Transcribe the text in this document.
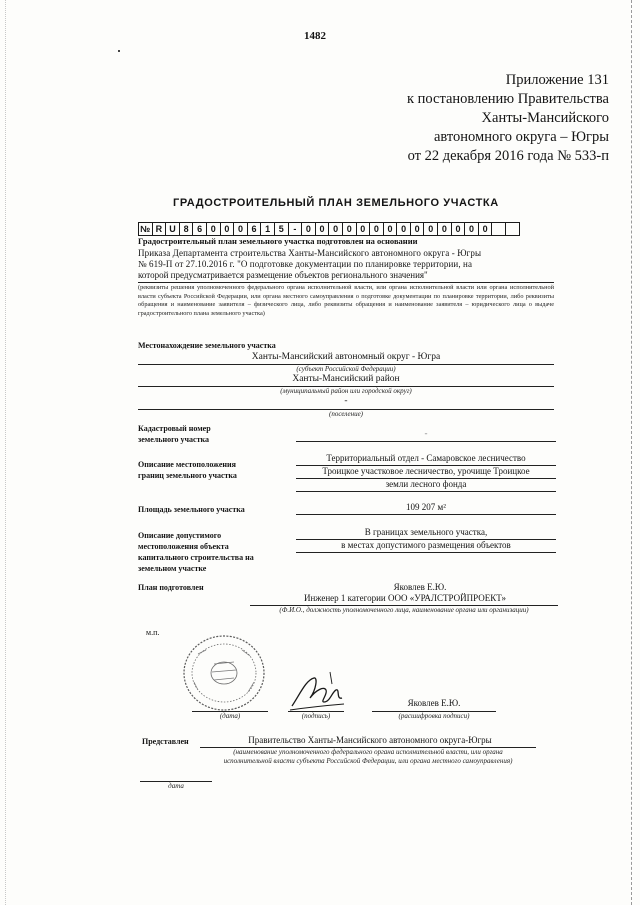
1482
Приложение 131
к постановлению Правительства
Ханты-Мансийского
автономного округа – Югры
от 22 декабря 2016 года № 533-п
ГРАДОСТРОИТЕЛЬНЫЙ ПЛАН ЗЕМЕЛЬНОГО УЧАСТКА
№ R U 8 6 0 0 0 6 1 5	-	0 0 0 0 0 0 0 0 0 0 0 0 0 0
Градостроительный план земельного участка подготовлен на основании
Приказа Департамента строительства Ханты-Мансийского автономного округа - Югры
№ 619-П от 27.10.2016 г. "О подготовке документации по планировке территории, на
которой предусматривается размещение объектов регионального значения"
(реквизиты решения уполномоченного федерального органа исполнительной власти, или органа исполнительной власти или органа исполнительной власти субъекта Российской Федерации, или органа местного самоуправления о подготовке документации по планировке территории, либо реквизиты обращения и наименование заявителя – физического лица, либо реквизиты обращения и наименование заявителя – юридического лица о выдаче градостроительного плана земельного участка)
Местонахождение земельного участка
Ханты-Мансийский автономный округ - Югра
(субъект Российской Федерации)
Ханты-Мансийский район
(муниципальный район или городской округ)
-
(поселение)
Кадастровый номер
земельного участка
-
Описание местоположения
границ земельного участка
Территориальный отдел - Самаровское лесничество
Троицкое участковое лесничество, урочище Троицкое
земли лесного фонда
Площадь земельного участка	109 207 м²
Описание допустимого
местоположения объекта
капитального строительства на
земельном участке
В границах земельного участка,
в местах допустимого размещения объектов
План подготовлен	Яковлев Е.Ю.
Инженер 1 категории ООО «УРАЛСТРОЙПРОЕКТ»
(Ф.И.О., должность уполномоченного лица, наименование органа или организации)
м.п.
(дата)	(подпись)
Яковлев Е.Ю.
(расшифровка подписи)
Представлен	Правительство Ханты-Мансийского автономного округа-Югры
(наименование уполномоченного федерального органа исполнительной власти, или органа
исполнительной власти субъекта Российской Федерации, или органа местного самоуправления)
дата
